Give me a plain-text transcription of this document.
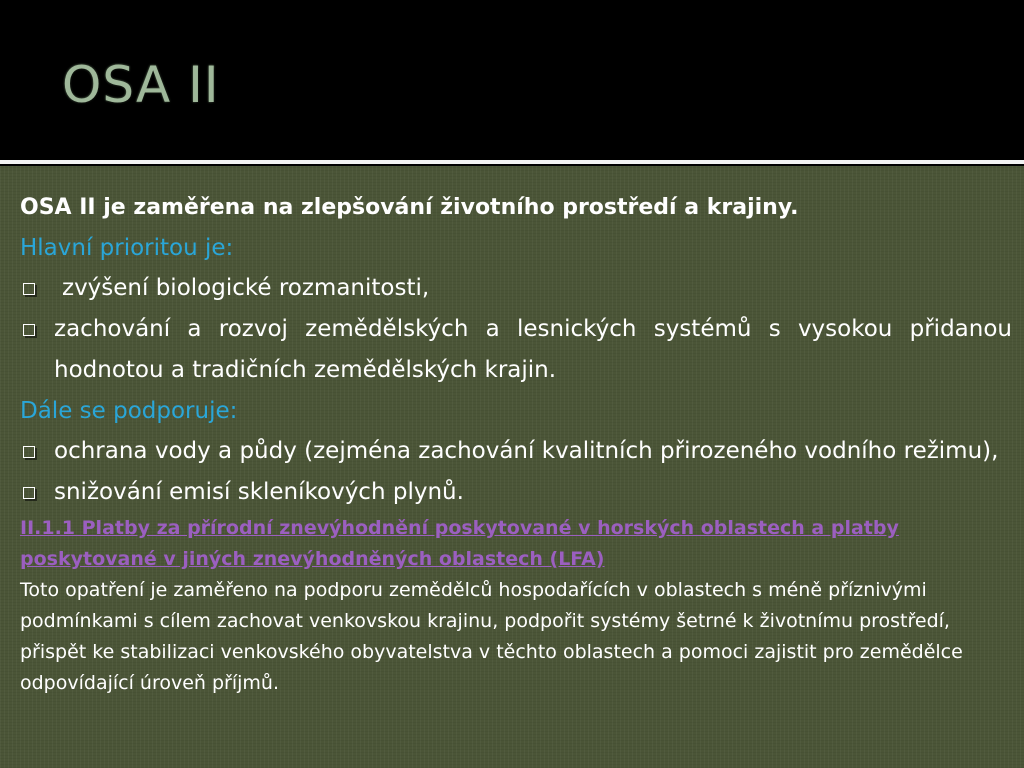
OSA II

OSA II je zaměřena na zlepšování životního prostředí a krajiny.

Hlavní prioritou je:

zvýšení biologické rozmanitosti,
zachování a rozvoj zemědělských a lesnických systémů s vysokou přidanou hodnotou a tradičních zemědělských krajin.

Dále se podporuje:

ochrana vody a půdy (zejména zachování kvalitních přirozeného vodního režimu),
snižování emisí skleníkových plynů.

II.1.1 Platby za přírodní znevýhodnění poskytované v horských oblastech a platby poskytované v jiných znevýhodněných oblastech (LFA)

Toto opatření je zaměřeno na podporu zemědělců hospodařících v oblastech s méně příznivými podmínkami s cílem zachovat venkovskou krajinu, podpořit systémy šetrné k životnímu prostředí, přispět ke stabilizaci venkovského obyvatelstva v těchto oblastech a pomoci zajistit pro zemědělce odpovídající úroveň příjmů.
